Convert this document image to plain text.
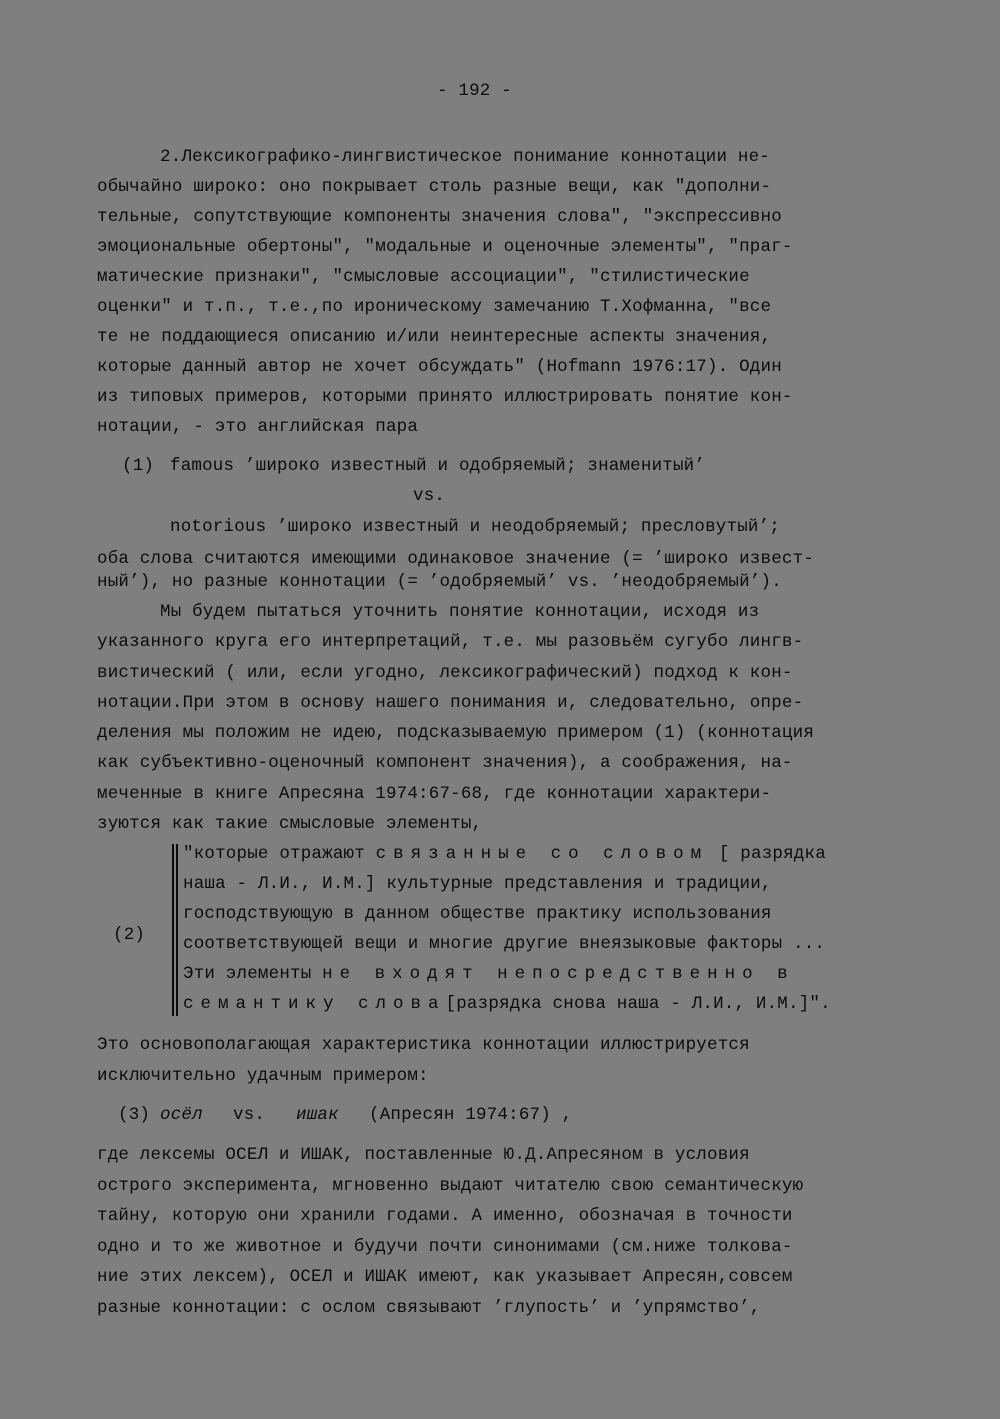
- 192 -
2.Лексикографико-лингвистическое понимание коннотации не-
обычайно широко: оно покрывает столь разные вещи, как "дополни-
тельные, сопутствующие компоненты значения слова", "экспрессивно
эмоциональные обертоны", "модальные и оценочные элементы", "праг-
матические признаки", "смысловые ассоциации", "стилистические
оценки" и т.п., т.е.,по ироническому замечанию Т.Хофманна, "все
те не поддающиеся описанию и/или неинтересные аспекты значения,
которые данный автор не хочет обсуждать" (Hofmann 1976:17). Один
из типовых примеров, которыми принято иллюстрировать понятие кон-
нотации, - это английская пара
(1) famous ’широко известный и одобряемый; знаменитый’
vs.
notorious ’широко известный и неодобряемый; пресловутый’;
оба слова считаются имеющими одинаковое значение (= ’широко извест-
ный’), но разные коннотации (= ’одобряемый’ vs. ’неодобряемый’).
Мы будем пытаться уточнить понятие коннотации, исходя из
указанного круга его интерпретаций, т.е. мы разовьём сугубо лингв-
вистический ( или, если угодно, лексикографический) подход к кон-
нотации.При этом в основу нашего понимания и, следовательно, опре-
деления мы положим не идею, подсказываемую примером (1) (коннотация
как субъективно-оценочный компонент значения), а соображения, на-
меченные в книге Апресяна 1974:67-68, где коннотации характери-
зуются как такие смысловые элементы,
(2)
"которые отражают связанные со словом [ разрядка
наша - Л.И., И.М.] культурные представления и традиции,
господствующую в данном обществе практику использования
соответствующей вещи и многие другие внеязыковые факторы ...
Эти элементы не входят непосредственно в
семантику слова[разрядка снова наша - Л.И., И.М.]".
Это основополагающая характеристика коннотации иллюстрируется
исключительно удачным примером:
(3) осёл vs. ишак (Апресян 1974:67) ,
где лексемы ОСЕЛ и ИШАК, поставленные Ю.Д.Апресяном в условия
острого эксперимента, мгновенно выдают читателю свою семантическую
тайну, которую они хранили годами. А именно, обозначая в точности
одно и то же животное и будучи почти синонимами (см.ниже толкова-
ние этих лексем), ОСЕЛ и ИШАК имеют, как указывает Апресян,совсем
разные коннотации: с ослом связывают ’глупость’ и ’упрямство’,
